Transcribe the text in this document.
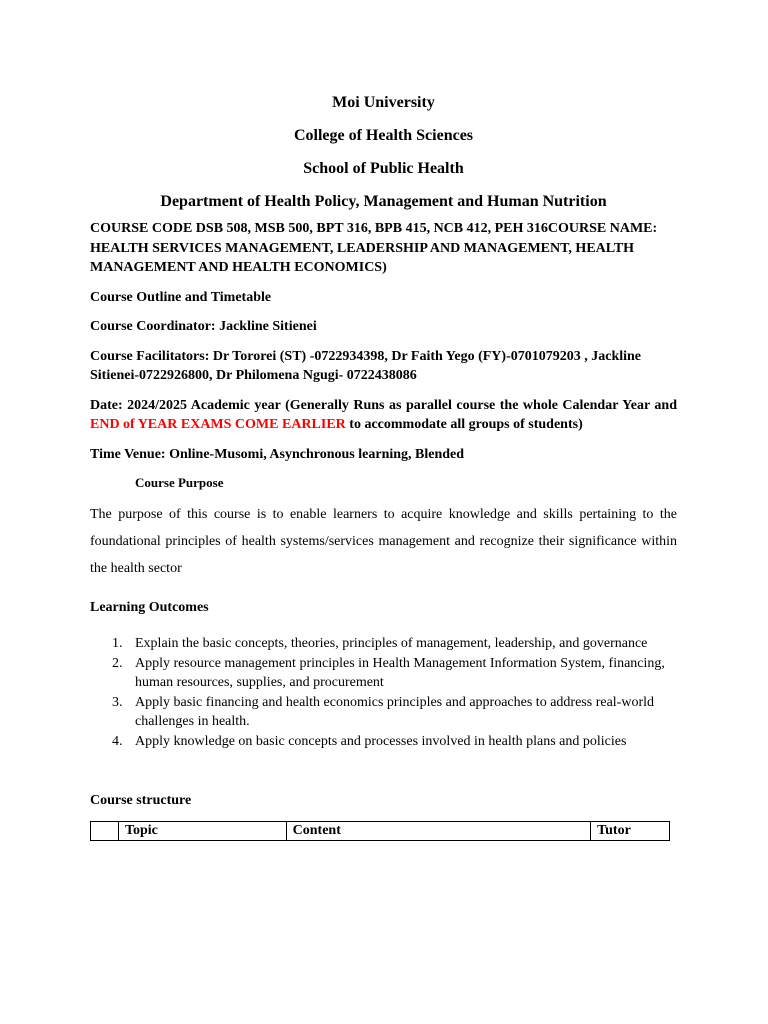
Moi University
College of Health Sciences
School of Public Health
Department of Health Policy, Management and Human Nutrition
COURSE CODE DSB 508, MSB 500, BPT 316, BPB 415, NCB 412, PEH 316COURSE NAME: HEALTH SERVICES MANAGEMENT, LEADERSHIP AND MANAGEMENT, HEALTH MANAGEMENT AND HEALTH ECONOMICS)
Course Outline and Timetable
Course Coordinator: Jackline Sitienei
Course Facilitators: Dr Tororei (ST) -0722934398, Dr Faith Yego (FY)-0701079203 , Jackline Sitienei-0722926800, Dr Philomena Ngugi- 0722438086
Date: 2024/2025 Academic year (Generally Runs as parallel course the whole Calendar Year and END of YEAR EXAMS COME EARLIER to accommodate all groups of students)
Time Venue: Online-Musomi, Asynchronous learning, Blended
Course Purpose
The purpose of this course is to enable learners to acquire knowledge and skills pertaining to the foundational principles of health systems/services management and recognize their significance within the health sector
Learning Outcomes
1. Explain the basic concepts, theories, principles of management, leadership, and governance
2. Apply resource management principles in Health Management Information System, financing, human resources, supplies, and procurement
3. Apply basic financing and health economics principles and approaches to address real-world challenges in health.
4. Apply knowledge on basic concepts and processes involved in health plans and policies
Course structure
	Topic	Content	Tutor
